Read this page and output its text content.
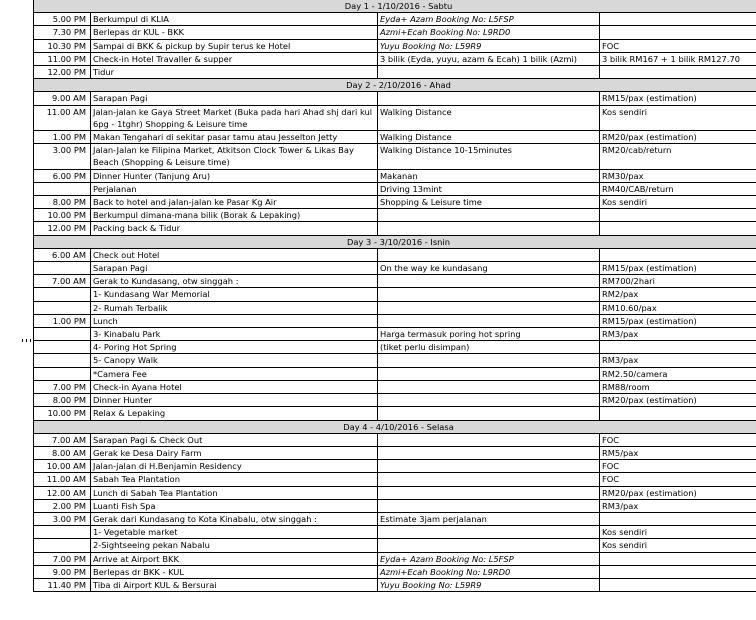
Day 1 - 1/10/2016 - Sabtu			
5.00 PM	Berkumpul di KLIA	Eyda+ Azam Booking No: L5FSP	
7.30 PM	Berlepas dr KUL - BKK	Azmi+Ecah Booking No: L9RD0	
10.30 PM	Sampai di BKK & pickup by Supir terus ke Hotel	Yuyu Booking No: L59R9	FOC
11.00 PM	Check-in Hotel Travaller & supper	3 bilik (Eyda, yuyu, azam & Ecah) 1 bilik (Azmi)	3 bilik RM167 + 1 bilik RM127.70
12.00 PM	Tidur		
Day 2 - 2/10/2016 - Ahad			
9.00 AM	Sarapan Pagi		RM15/pax (estimation)
11.00 AM	Jalan-jalan ke Gaya Street Market (Buka pada hari Ahad shj dari kul 6pg - 1tghr) Shopping & Leisure time	Walking Distance	Kos sendiri
1.00 PM	Makan Tengahari di sekitar pasar tamu atau Jesselton Jetty	Walking Distance	RM20/pax (estimation)
3.00 PM	Jalan-Jalan ke Filipina Market, Atkitson Clock Tower & Likas Bay Beach (Shopping & Leisure time)	Walking Distance 10-15minutes	RM20/cab/return
6.00 PM	Dinner Hunter (Tanjung Aru)	Makanan	RM30/pax
	Perjalanan	Driving 13mint	RM40/CAB/return
8.00 PM	Back to hotel and jalan-jalan ke Pasar Kg Air	Shopping & Leisure time	Kos sendiri
10.00 PM	Berkumpul dimana-mana bilik (Borak & Lepaking)		
12.00 PM	Packing back & Tidur		
Day 3 - 3/10/2016 - Isnin			
6.00 AM	Check out Hotel		
	Sarapan Pagi	On the way ke kundasang	RM15/pax (estimation)
7.00 AM	Gerak to Kundasang, otw singgah :		RM700/2hari
	1- Kundasang War Memorial		RM2/pax
	2- Rumah Terbalik		RM10.60/pax
1.00 PM	Lunch		RM15/pax (estimation)
	3- Kinabalu Park	Harga termasuk poring hot spring	RM3/pax
	4- Poring Hot Spring	(tiket perlu disimpan)	
	5- Canopy Walk		RM3/pax
	*Camera Fee		RM2.50/camera
7.00 PM	Check-in Ayana Hotel		RM88/room
8.00 PM	Dinner Hunter		RM20/pax (estimation)
10.00 PM	Relax & Lepaking		
Day 4 - 4/10/2016 - Selasa			
7.00 AM	Sarapan Pagi & Check Out		FOC
8.00 AM	Gerak ke Desa Dairy Farm		RM5/pax
10.00 AM	Jalan-jalan di H.Benjamin Residency		FOC
11.00 AM	Sabah Tea Plantation		FOC
12.00 AM	Lunch di Sabah Tea Plantation		RM20/pax (estimation)
2.00 PM	Luanti Fish Spa		RM3/pax
3.00 PM	Gerak dari Kundasang to Kota Kinabalu, otw singgah :	Estimate 3jam perjalanan	
	1- Vegetable market		Kos sendiri
	2-Sightseeing pekan Nabalu		Kos sendiri
7.00 PM	Arrive at Airport BKK	Eyda+ Azam Booking No: L5FSP	
9.00 PM	Berlepas dr BKK - KUL	Azmi+Ecah Booking No: L9RD0	
11.40 PM	Tiba di Airport KUL & Bersurai	Yuyu Booking No: L59R9	
